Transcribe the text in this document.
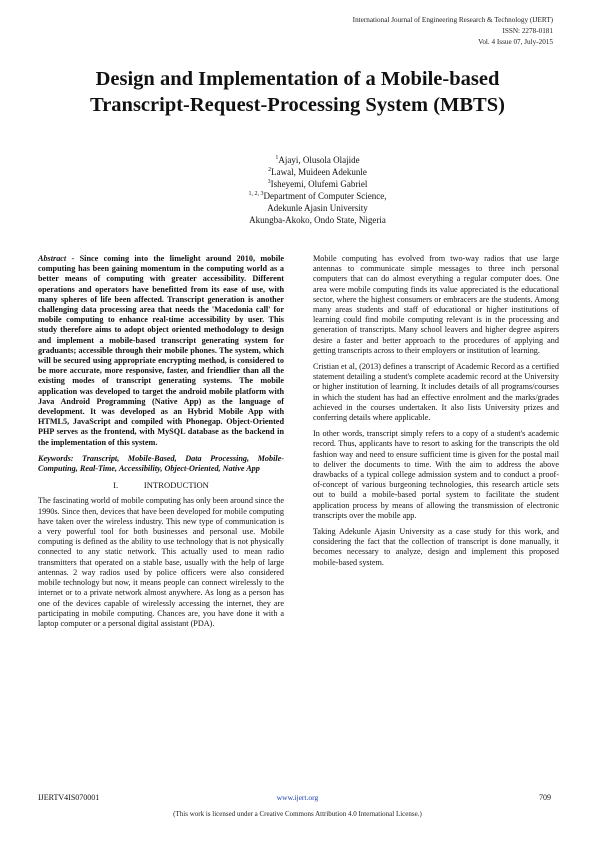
International Journal of Engineering Research & Technology (IJERT)
ISSN: 2278-0181
Vol. 4 Issue 07, July-2015
Design and Implementation of a Mobile-based
Transcript-Request-Processing System (MBTS)
$^1$Ajayi, Olusola Olajide
$^2$Lawal, Muideen Adekunle
$^3$Isheyemi, Olufemi Gabriel
$^{1, 2, 3}$Department of Computer Science,
Adekunle Ajasin University
Akungba-Akoko, Ondo State, Nigeria

Abstract - Since coming into the limelight around 2010, mobile computing has been gaining momentum in the computing world as a better means of computing with greater accessibility. Different operations and operators have benefitted from its ease of use, with many spheres of life been affected. Transcript generation is another challenging data processing area that needs the 'Macedonia call' for mobile computing to enhance real-time accessibility by user. This study therefore aims to adopt object oriented methodology to design and implement a mobile-based transcript generating system for graduants; accessible through their mobile phones. The system, which will be secured using appropriate encrypting method, is considered to be more accurate, more responsive, faster, and friendlier than all the existing modes of transcript generating systems. The mobile application was developed to target the android mobile platform with Java Android Programming (Native App) as the language of development. It was developed as an Hybrid Mobile App with HTML5, JavaScript and compiled with Phonegap. Object-Oriented PHP serves as the frontend, with MySQL database as the backend in the implementation of this system.

Keywords: Transcript, Mobile-Based, Data Processing, Mobile-Computing, Real-Time, Accessibility, Object-Oriented, Native App

I.            INTRODUCTION

The fascinating world of mobile computing has only been around since the 1990s. Since then, devices that have been developed for mobile computing have taken over the wireless industry. This new type of communication is a very powerful tool for both businesses and personal use. Mobile computing is defined as the ability to use technology that is not physically connected to any static network. This actually used to mean radio transmitters that operated on a stable base, usually with the help of large antennas. 2 way radios used by police officers were also considered mobile technology but now, it means people can connect wirelessly to the internet or to a private network almost anywhere. As long as a person has one of the devices capable of wirelessly accessing the internet, they are participating in mobile computing. Chances are, you have done it with a laptop computer or a personal digital assistant (PDA).

Mobile computing has evolved from two-way radios that use large antennas to communicate simple messages to three inch personal computers that can do almost everything a regular computer does. One area were mobile computing finds its value appreciated is the educational sector, where the highest consumers or embracers are the students. Among many areas students and staff of educational or higher institutions of learning could find mobile computing relevant is in the processing and generation of transcripts. Many school leavers and higher degree aspirers desire a faster and better approach to the procedures of applying and getting transcripts across to their employers or institution of learning.

Cristian et al, (2013) defines a transcript of Academic Record as a certified statement detailing a student's complete academic record at the University or higher institution of learning. It includes details of all programs/courses in which the student has had an effective enrolment and the marks/grades achieved in the courses undertaken. It also lists University prizes and conferring details where applicable.

In other words, transcript simply refers to a copy of a student's academic record. Thus, applicants have to resort to asking for the transcripts the old fashion way and need to ensure sufficient time is given for the postal mail to deliver the documents to time. With the aim to address the above drawbacks of a typical college admission system and to conduct a proof-of-concept of various burgeoning technologies, this research article sets out to build a mobile-based portal system to facilitate the student application process by means of allowing the transmission of electronic transcripts over the mobile app.

Taking Adekunle Ajasin University as a case study for this work, and considering the fact that the collection of transcript is done manually, it becomes necessary to analyze, design and implement this proposed mobile-based system.

IJERTV4IS070001	www.ijert.org	709
(This work is licensed under a Creative Commons Attribution 4.0 International License.)
